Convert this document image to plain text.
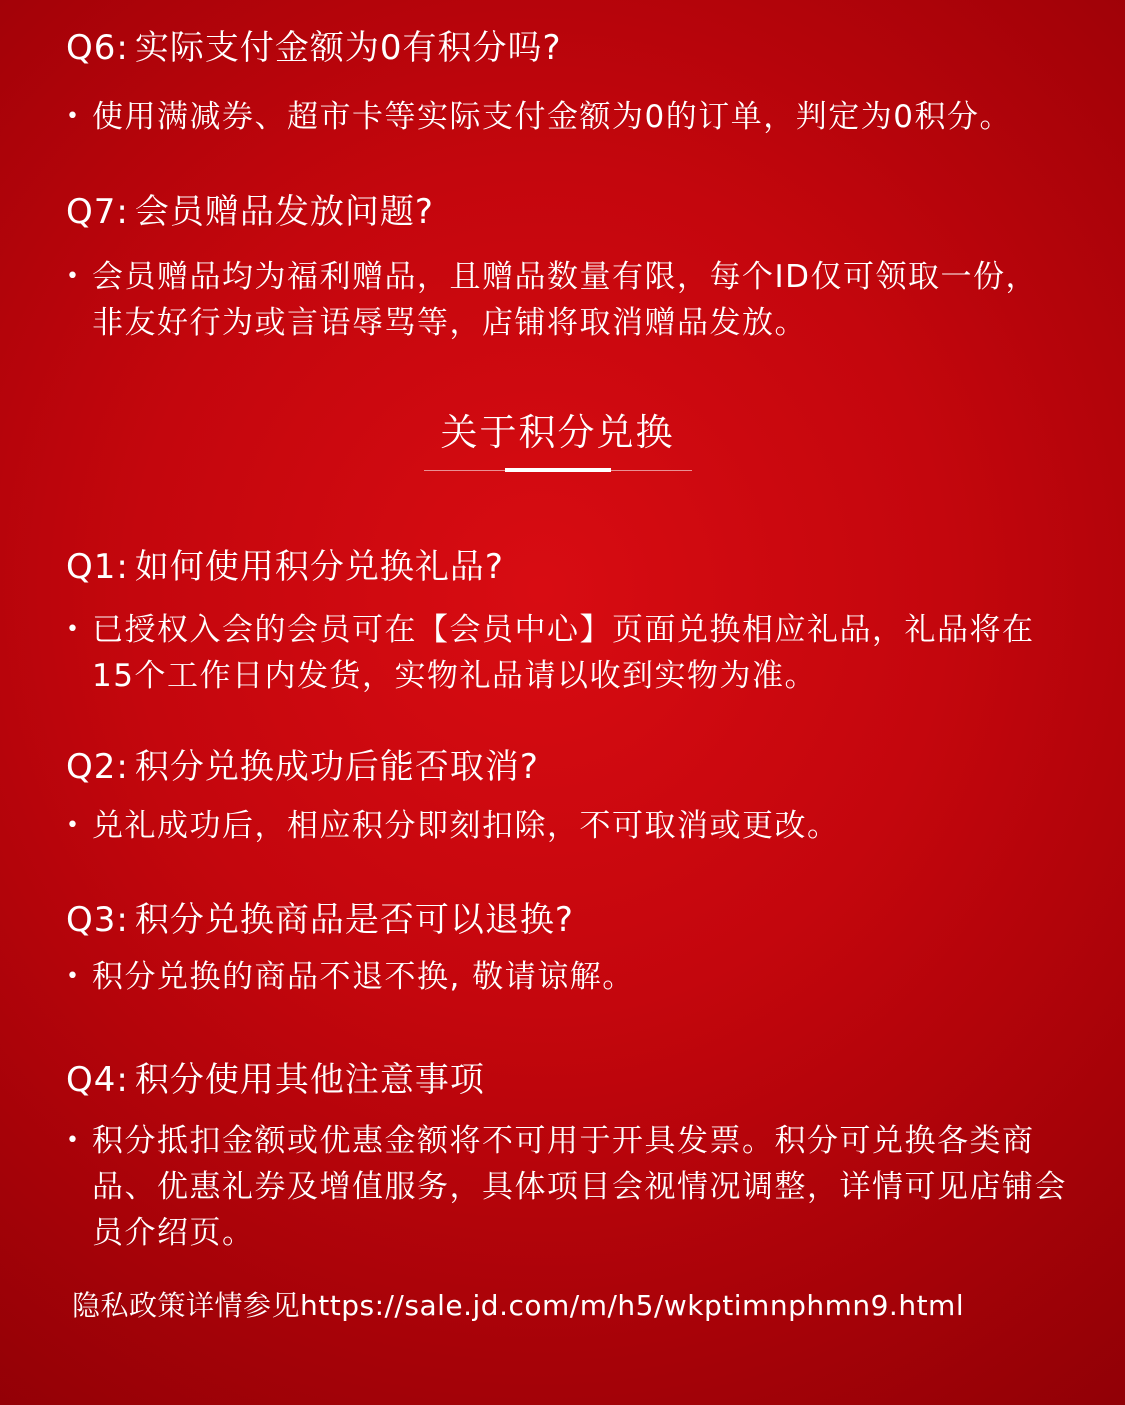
Q6: 实际支付金额为0有积分吗?

• 使用满减券、超市卡等实际支付金额为0的订单，判定为0积分。

Q7: 会员赠品发放问题?

• 会员赠品均为福利赠品，且赠品数量有限，每个ID仅可领取一份，非友好行为或言语辱骂等，店铺将取消赠品发放。
关于积分兑换

Q1: 如何使用积分兑换礼品?

• 已授权入会的会员可在【会员中心】页面兑换相应礼品，礼品将在15个工作日内发货，实物礼品请以收到实物为准。

Q2: 积分兑换成功后能否取消?

• 兑礼成功后，相应积分即刻扣除，不可取消或更改。

Q3: 积分兑换商品是否可以退换?

• 积分兑换的商品不退不换, 敬请谅解。

Q4: 积分使用其他注意事项

• 积分抵扣金额或优惠金额将不可用于开具发票。积分可兑换各类商品、优惠礼券及增值服务，具体项目会视情况调整，详情可见店铺会员介绍页。
隐私政策详情参见https://sale.jd.com/m/h5/wkptimnphmn9.html
